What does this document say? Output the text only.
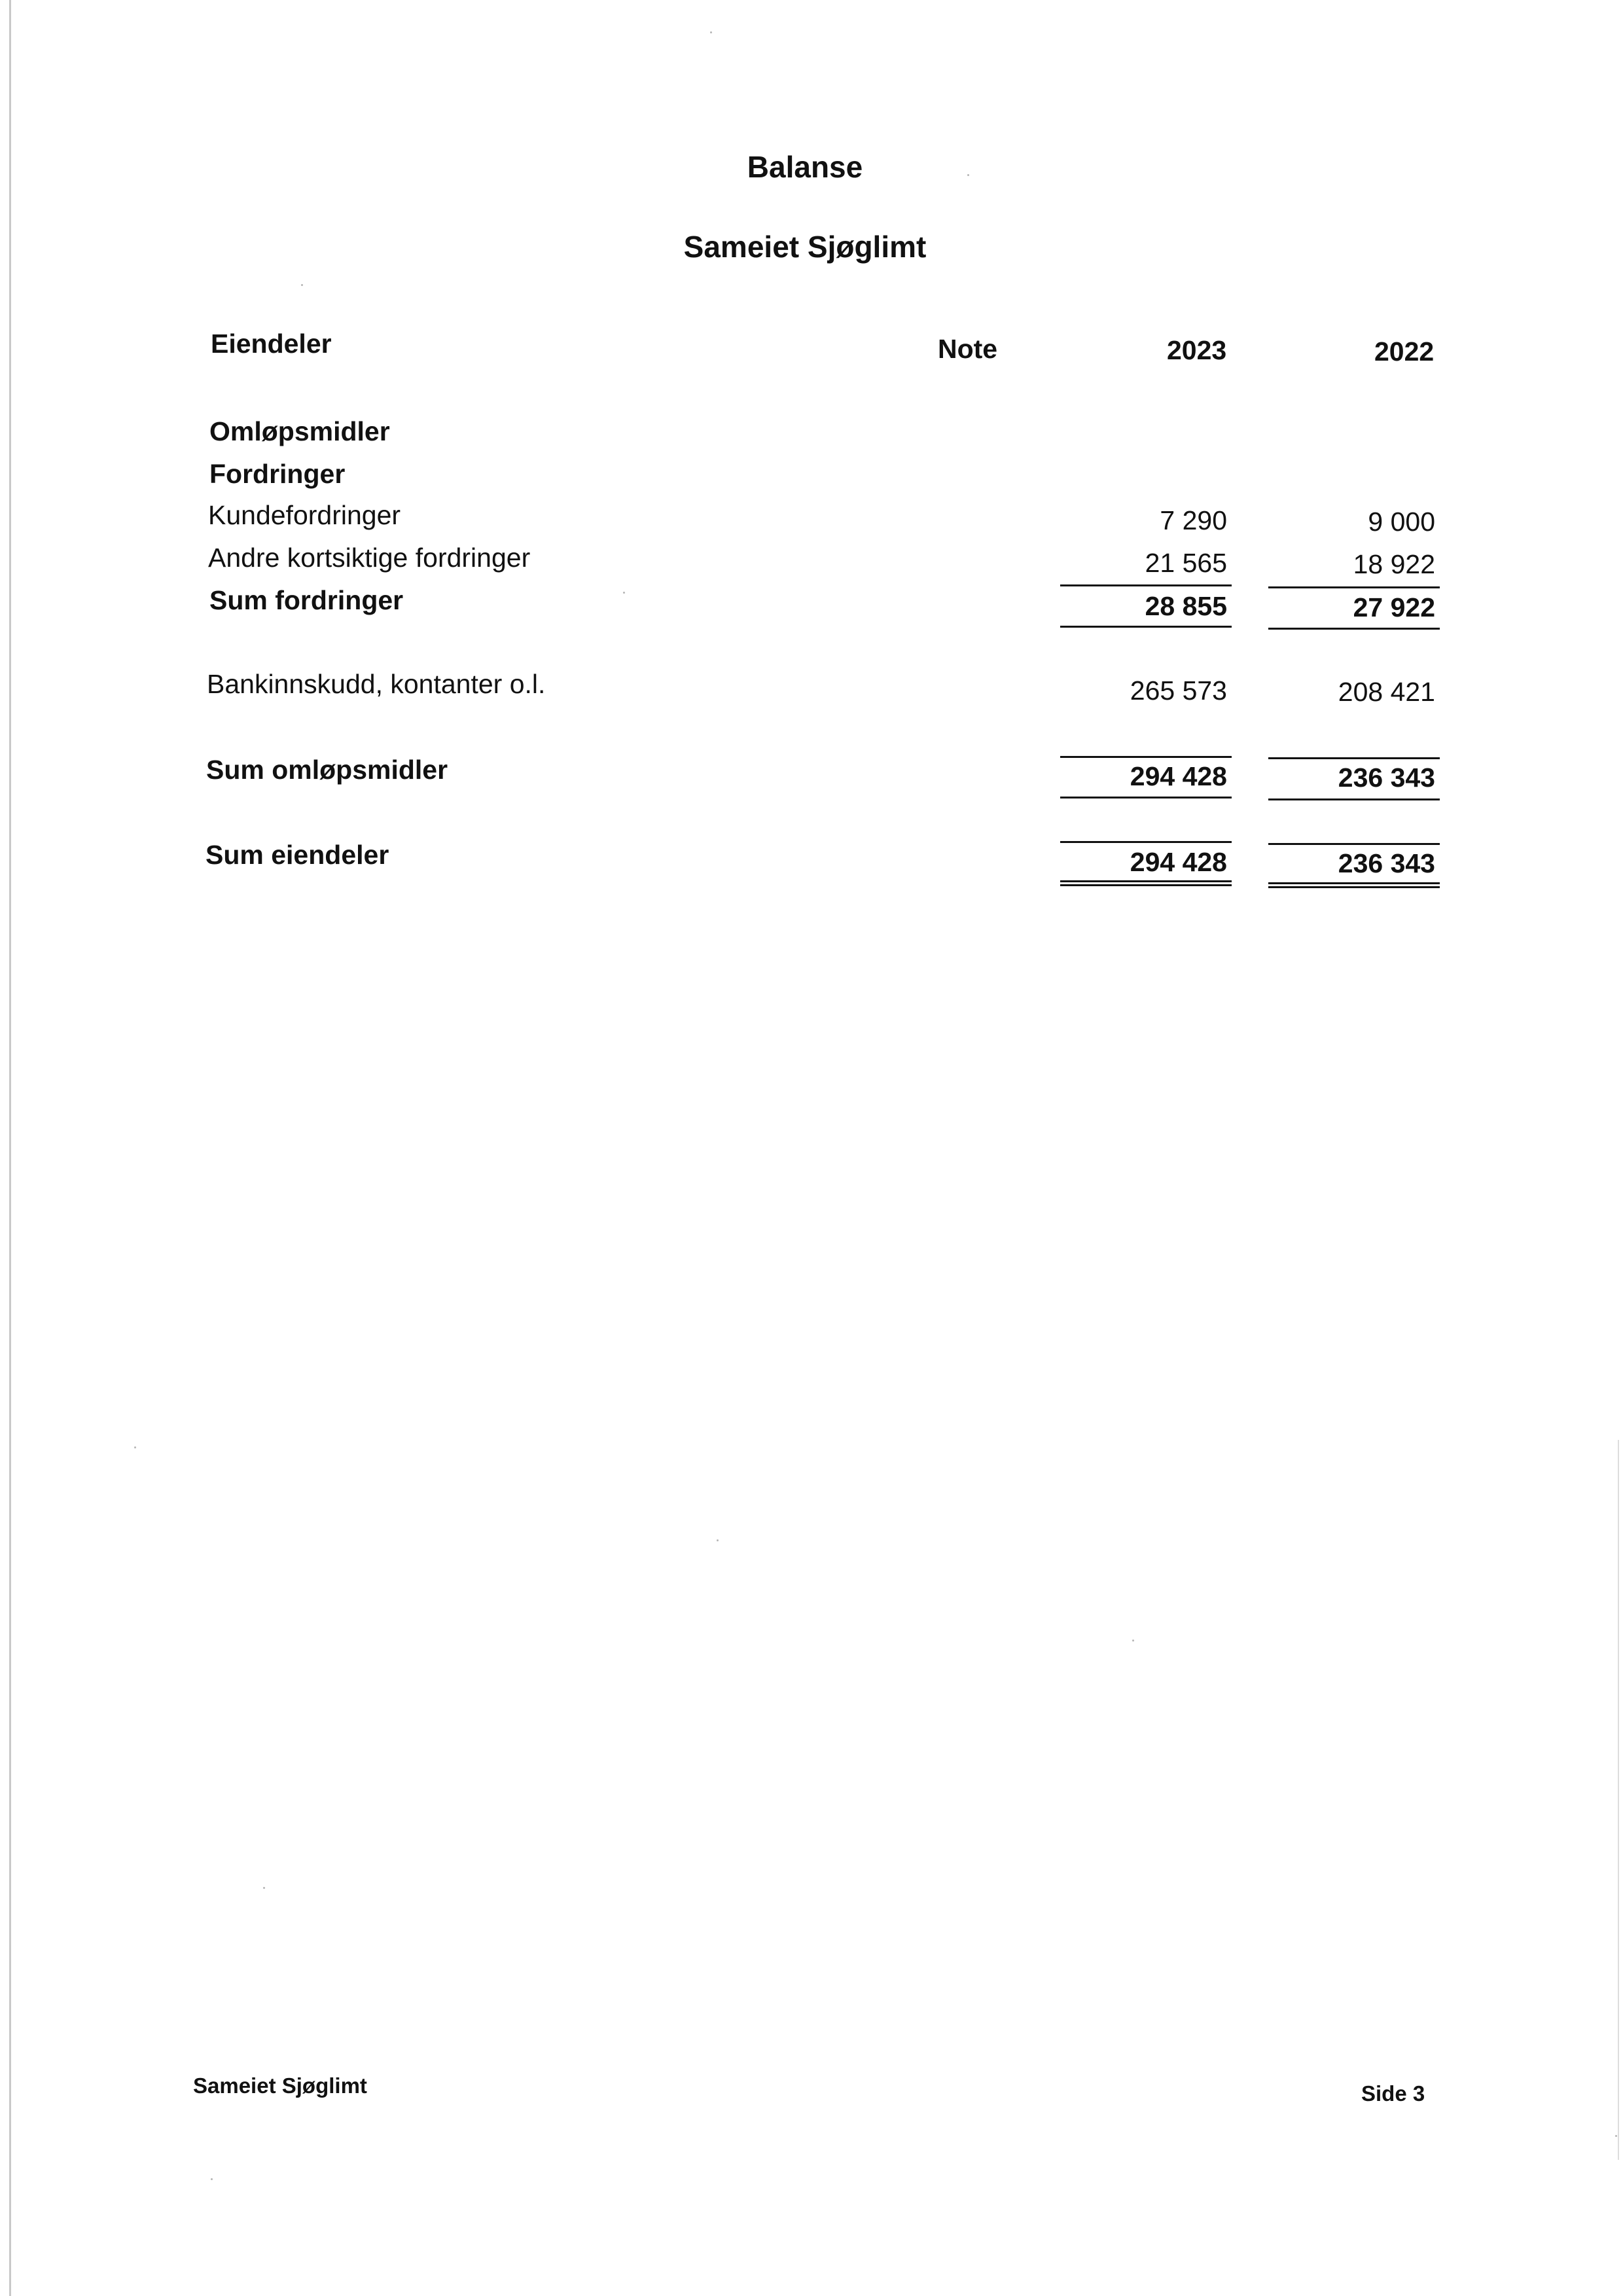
Balanse
Sameiet Sjøglimt
Eiendeler	Note	2023	2022
Omløpsmidler
Fordringer
Kundefordringer	7 290	9 000
Andre kortsiktige fordringer	21 565	18 922
Sum fordringer	28 855	27 922
Bankinnskudd, kontanter o.l.	265 573	208 421
Sum omløpsmidler	294 428	236 343
Sum eiendeler	294 428	236 343
Sameiet Sjøglimt	Side 3
